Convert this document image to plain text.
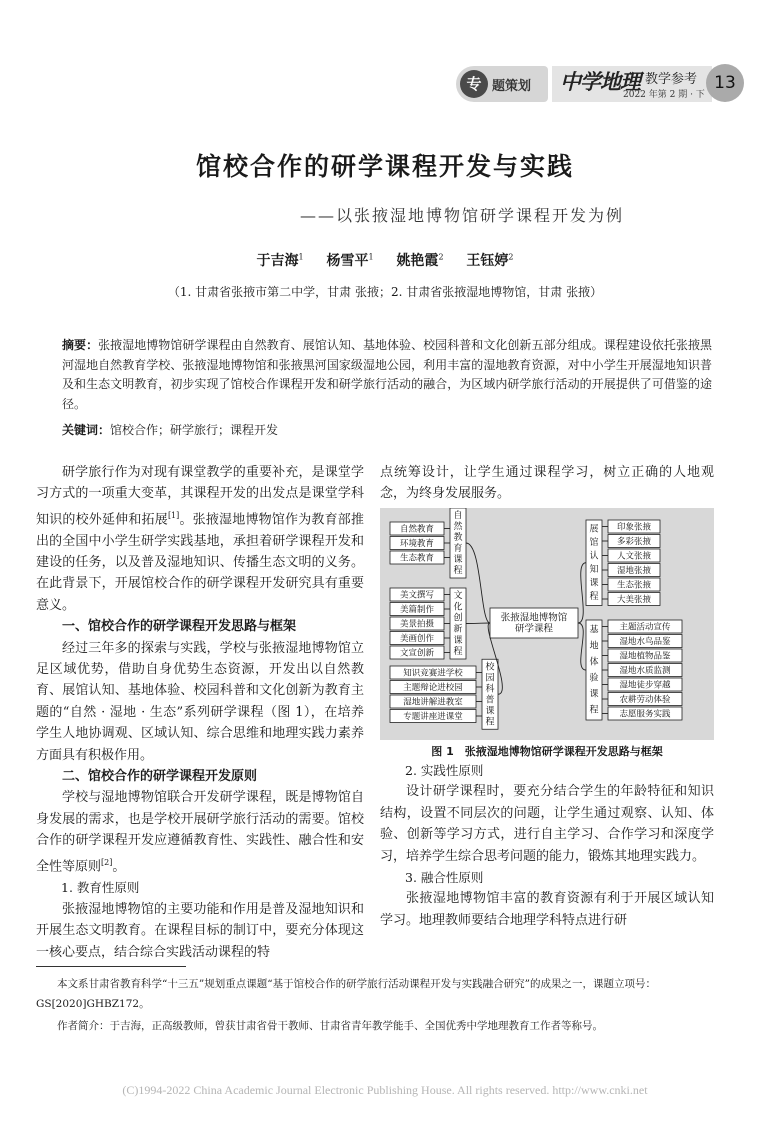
专 题策划 中学地理 教学参考
2022 年第 2 期 · 下
13
馆校合作的研学课程开发与实践
——以张掖湿地博物馆研学课程开发为例
于吉海$^1$ 杨雪平$^1$ 姚艳霞$^2$ 王钰婷$^2$
（1. 甘肃省张掖市第二中学，甘肃 张掖；2. 甘肃省张掖湿地博物馆，甘肃 张掖）
摘要：张掖湿地博物馆研学课程由自然教育、展馆认知、基地体验、校园科普和文化创新五部分组成。课程建设依托张掖黑河湿地自然教育学校、张掖湿地博物馆和张掖黑河国家级湿地公园，利用丰富的湿地教育资源，对中小学生开展湿地知识普及和生态文明教育，初步实现了馆校合作课程开发和研学旅行活动的融合，为区域内研学旅行活动的开展提供了可借鉴的途径。
关键词：馆校合作；研学旅行；课程开发

研学旅行作为对现有课堂教学的重要补充，是课堂学习方式的一项重大变革，其课程开发的出发点是课堂学科知识的校外延伸和拓展[1]。张掖湿地博物馆作为教育部推出的全国中小学生研学实践基地，承担着研学课程开发和建设的任务，以及普及湿地知识、传播生态文明的义务。在此背景下，开展馆校合作的研学课程开发研究具有重要意义。

一、馆校合作的研学课程开发思路与框架

经过三年多的探索与实践，学校与张掖湿地博物馆立足区域优势，借助自身优势生态资源，开发出以自然教育、展馆认知、基地体验、校园科普和文化创新为教育主题的“自然 · 湿地 · 生态”系列研学课程（图 1），在培养学生人地协调观、区域认知、综合思维和地理实践力素养方面具有积极作用。

二、馆校合作的研学课程开发原则

学校与湿地博物馆联合开发研学课程，既是博物馆自身发展的需求，也是学校开展研学旅行活动的需要。馆校合作的研学课程开发应遵循教育性、实践性、融合性和安全性等原则[2]。

1. 教育性原则

张掖湿地博物馆的主要功能和作用是普及湿地知识和开展生态文明教育。在课程目标的制订中，要充分体现这一核心要点，结合综合实践活动课程的特

点统筹设计，让学生通过课程学习，树立正确的人地观念，为终身发展服务。

张掖湿地博物馆
研学课程
自然教育
环境教育
生态教育
自
然
教
育
课
程
美文撰写
美篇制作
美景拍摄
美画创作
文宣创新
文
化
创
新
课
程
知识竞赛进学校
主题辩论进校园
湿地讲解进教室
专题讲座进课堂
校
园
科
普
课
程
印象张掖
多彩张掖
人文张掖
湿地张掖
生态张掖
大美张掖
展
馆
认
知
课
程
主题活动宣传
湿地水鸟品鉴
湿地植物品鉴
湿地水质监测
湿地徒步穿越
农耕劳动体验
志愿服务实践
基
地
体
验
课
程
图 1　张掖湿地博物馆研学课程开发思路与框架
2. 实践性原则

设计研学课程时，要充分结合学生的年龄特征和知识结构，设置不同层次的问题，让学生通过观察、认知、体验、创新等学习方式，进行自主学习、合作学习和深度学习，培养学生综合思考问题的能力，锻炼其地理实践力。

3. 融合性原则

张掖湿地博物馆丰富的教育资源有利于开展区域认知学习。地理教师要结合地理学科特点进行研

本文系甘肃省教育科学“十三五”规划重点课题“基于馆校合作的研学旅行活动课程开发与实践融合研究”的成果之一，课题立项号：GS[2020]GHBZ172。
作者简介：于吉海，正高级教师，曾获甘肃省骨干教师、甘肃省青年教学能手、全国优秀中学地理教育工作者等称号。
(C)1994-2022 China Academic Journal Electronic Publishing House. All rights reserved. http://www.cnki.net
